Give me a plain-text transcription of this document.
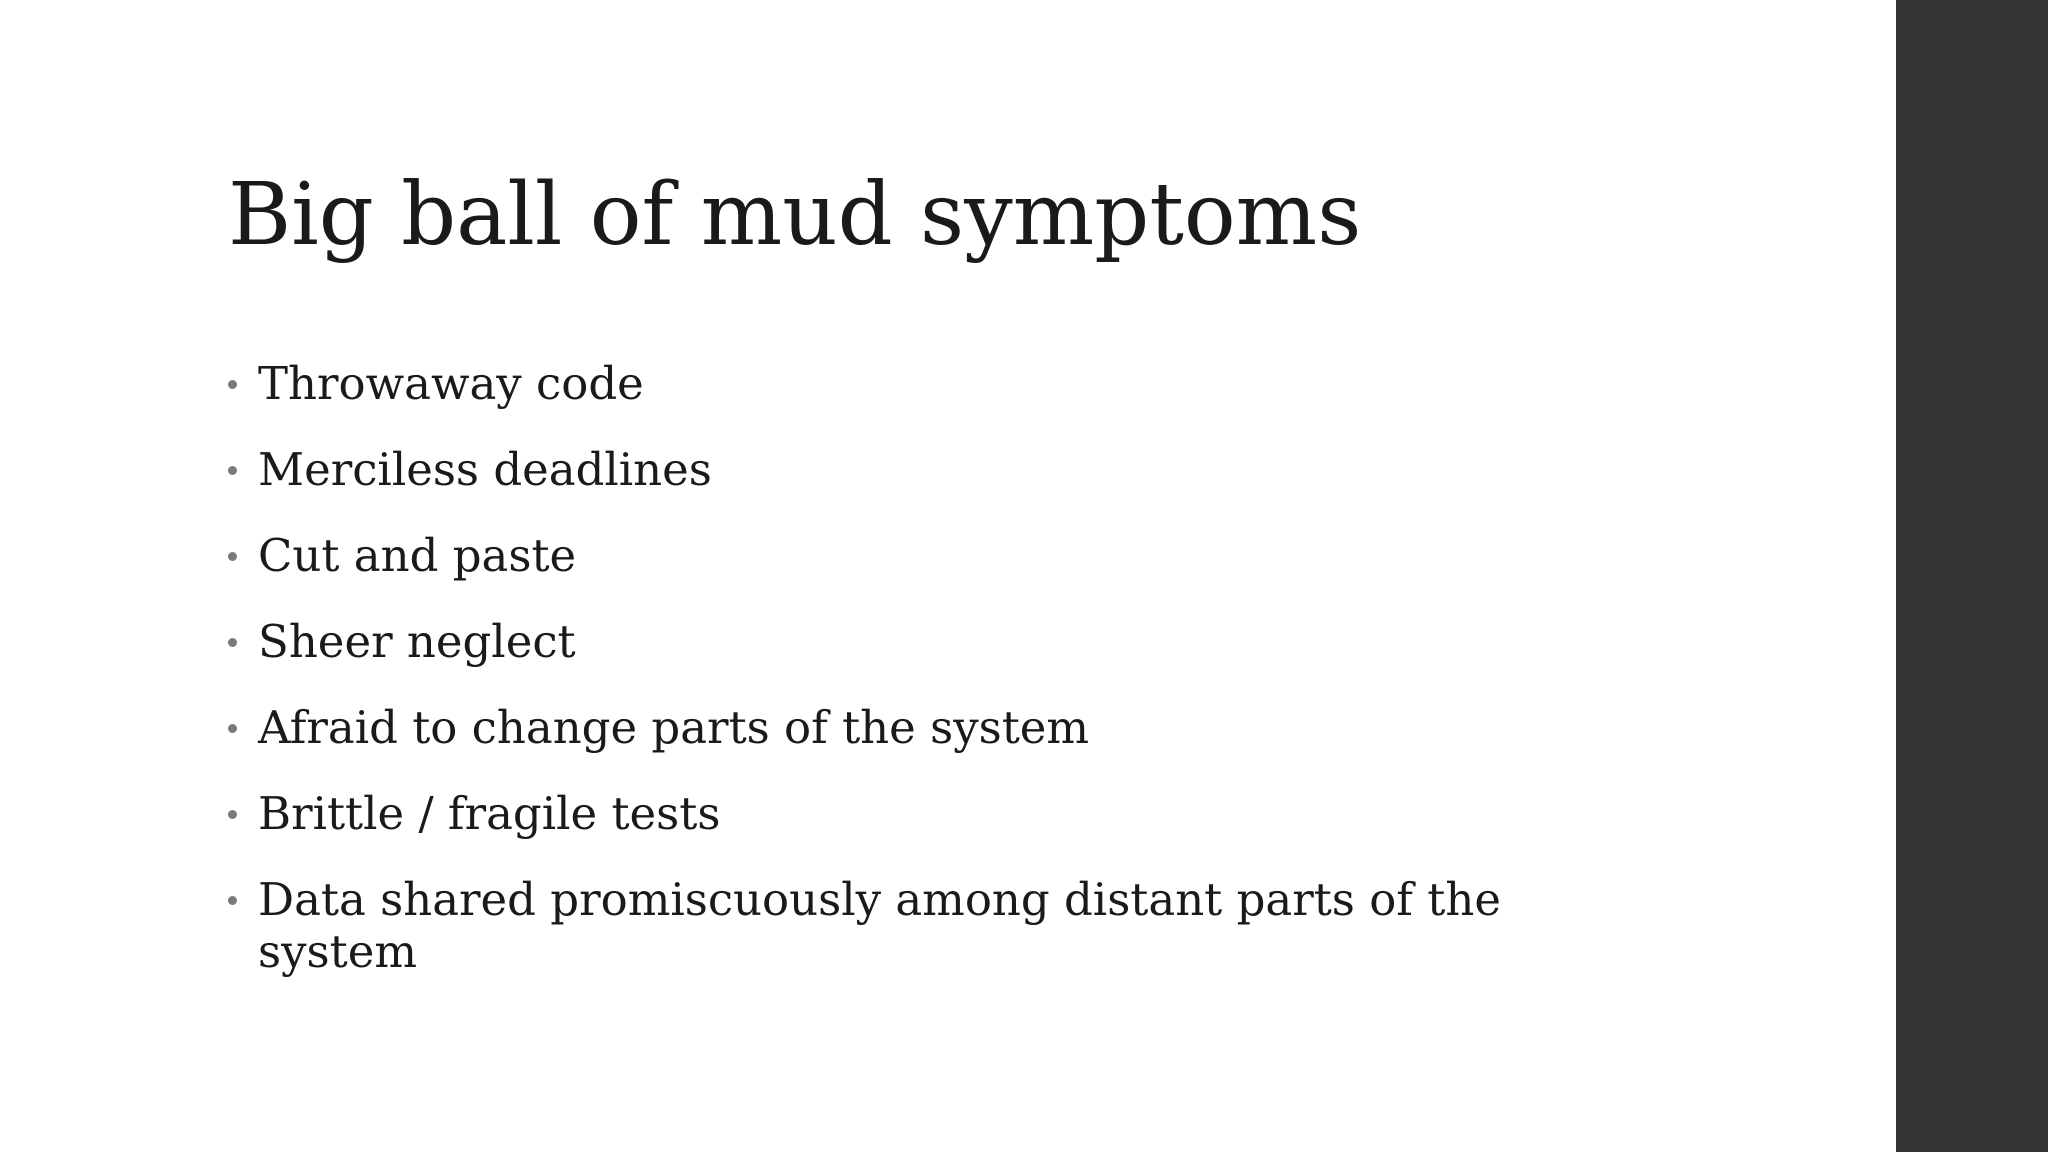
Big ball of mud symptoms
Throwaway code
Merciless deadlines
Cut and paste
Sheer neglect
Afraid to change parts of the system
Brittle / fragile tests
Data shared promiscuously among distant parts of the system
